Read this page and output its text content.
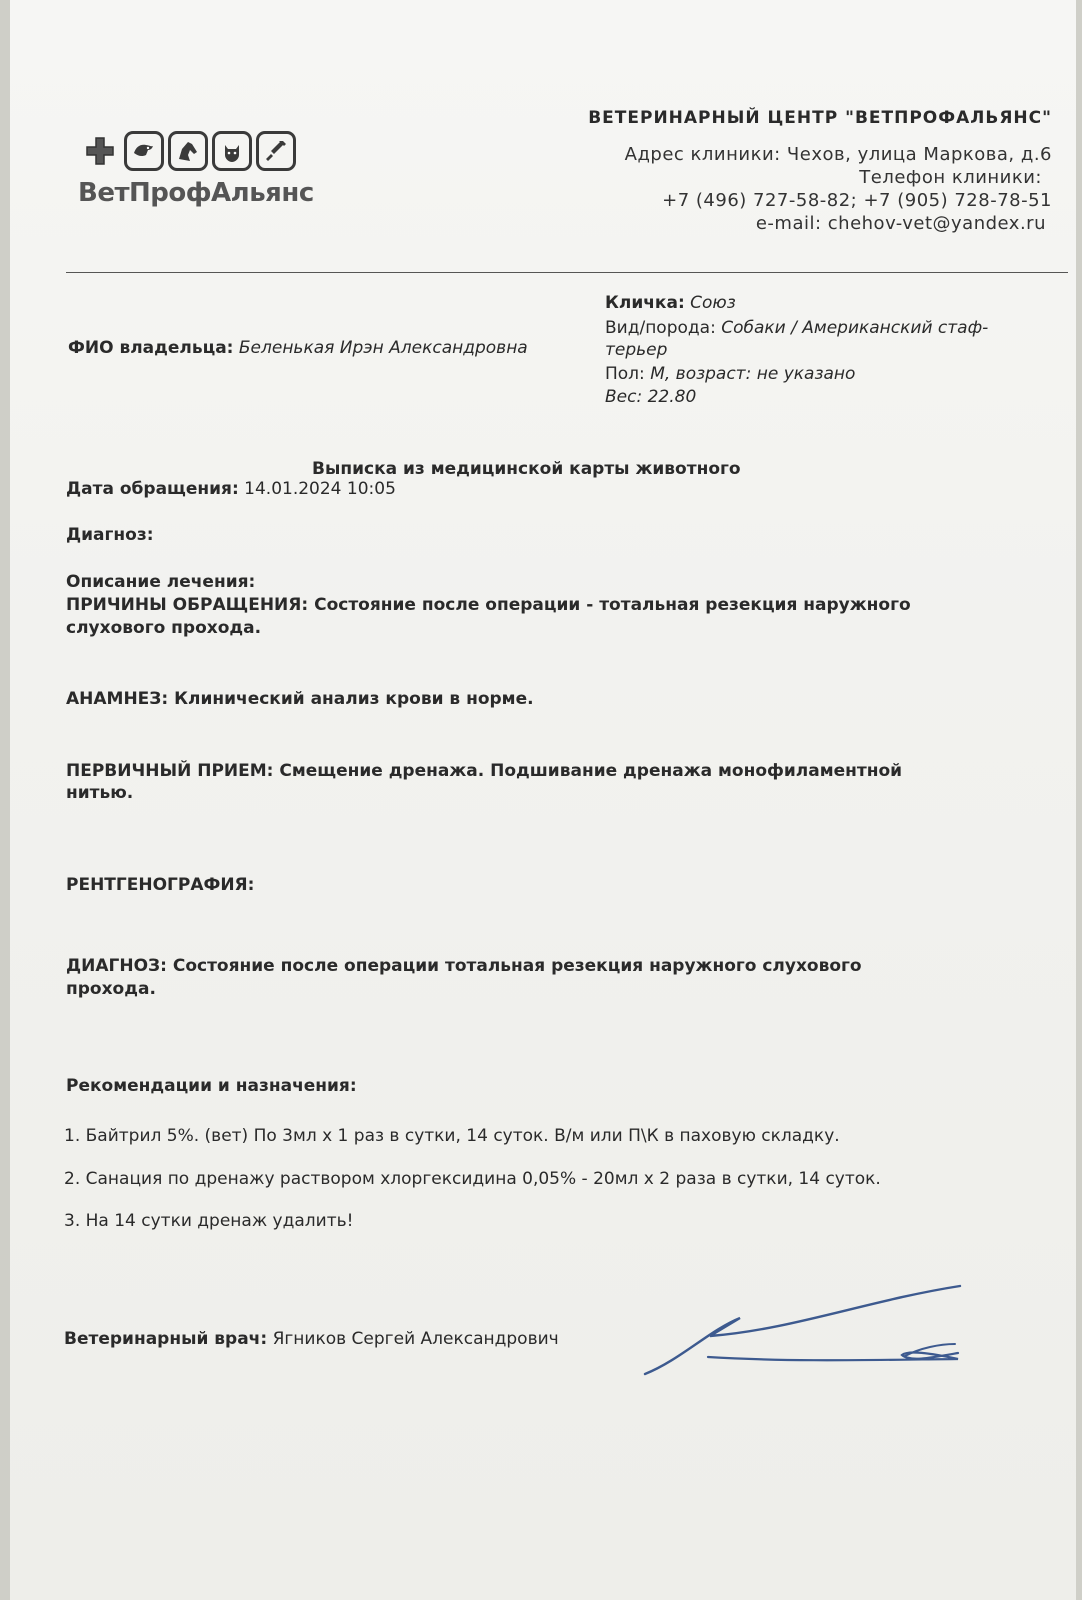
ВетПрофАльянс
ВЕТЕРИНАРНЫЙ ЦЕНТР "ВЕТПРОФАЛЬЯНС"
Адрес клиники: Чехов, улица Маркова, д.6
Телефон клиники:
+7 (496) 727-58-82; +7 (905) 728-78-51
e-mail: chehov-vet@yandex.ru
Кличка: Союз
Вид/порода: Собаки / Американский стаф-
терьер
Пол: М, возраст: не указано
Вес: 22.80
ФИО владельца: Беленькая Ирэн Александровна
Выписка из медицинской карты животного
Дата обращения: 14.01.2024 10:05
Диагноз:
Описание лечения:
ПРИЧИНЫ ОБРАЩЕНИЯ: Состояние после операции - тотальная резекция наружного
слухового прохода.
АНАМНЕЗ: Клинический анализ крови в норме.
ПЕРВИЧНЫЙ ПРИЕМ: Смещение дренажа. Подшивание дренажа монофиламентной
нитью.
РЕНТГЕНОГРАФИЯ:
ДИАГНОЗ: Состояние после операции тотальная резекция наружного слухового
прохода.
Рекомендации и назначения:
1. Байтрил 5%. (вет) По 3мл х 1 раз в сутки, 14 суток. В/м или П\К в паховую складку.
2. Санация по дренажу раствором хлоргексидина 0,05% - 20мл х 2 раза в сутки, 14 суток.
3. На 14 сутки дренаж удалить!
Ветеринарный врач: Ягников Сергей Александрович
